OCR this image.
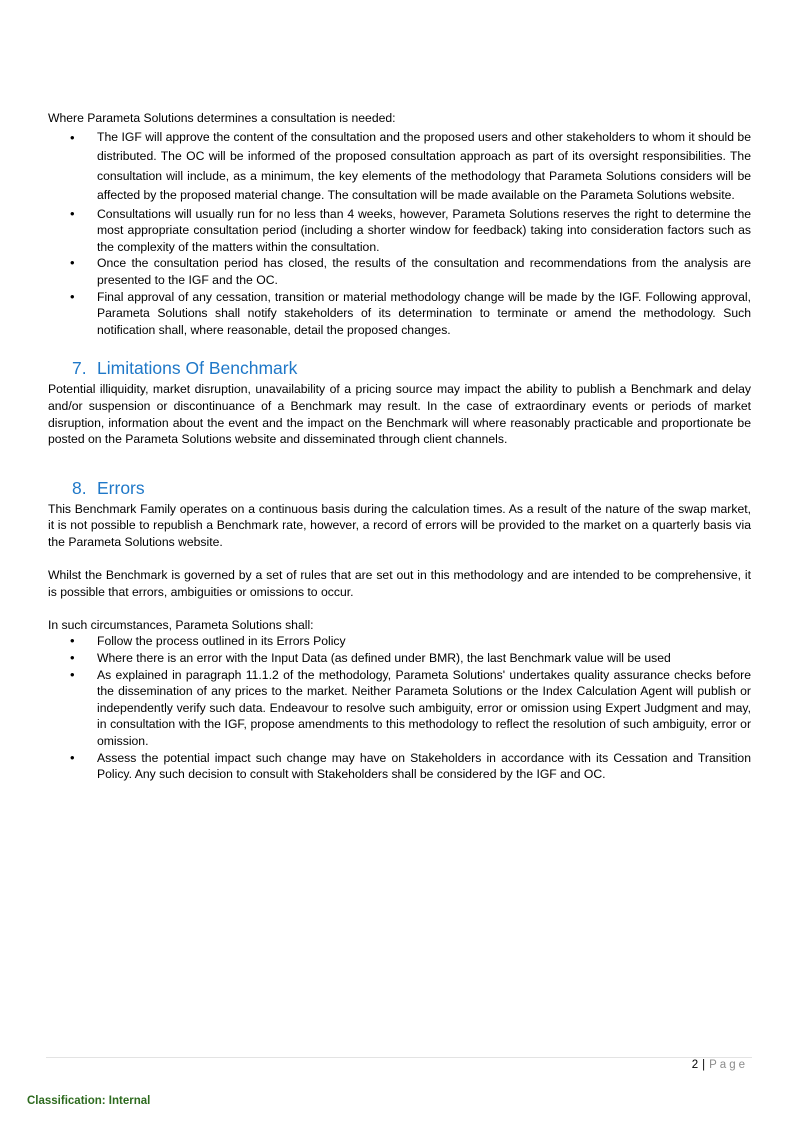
Where Parameta Solutions determines a consultation is needed:

• The IGF will approve the content of the consultation and the proposed users and other stakeholders to whom it should be distributed. The OC will be informed of the proposed consultation approach as part of its oversight responsibilities. The consultation will include, as a minimum, the key elements of the methodology that Parameta Solutions considers will be affected by the proposed material change. The consultation will be made available on the Parameta Solutions website.
• Consultations will usually run for no less than 4 weeks, however, Parameta Solutions reserves the right to determine the most appropriate consultation period (including a shorter window for feedback) taking into consideration factors such as the complexity of the matters within the consultation.
• Once the consultation period has closed, the results of the consultation and recommendations from the analysis are presented to the IGF and the OC.
• Final approval of any cessation, transition or material methodology change will be made by the IGF. Following approval, Parameta Solutions shall notify stakeholders of its determination to terminate or amend the methodology. Such notification shall, where reasonable, detail the proposed changes.
7. Limitations Of Benchmark

Potential illiquidity, market disruption, unavailability of a pricing source may impact the ability to publish a Benchmark and delay and/or suspension or discontinuance of a Benchmark may result. In the case of extraordinary events or periods of market disruption, information about the event and the impact on the Benchmark will where reasonably practicable and proportionate be posted on the Parameta Solutions website and disseminated through client channels.

8. Errors

This Benchmark Family operates on a continuous basis during the calculation times. As a result of the nature of the swap market, it is not possible to republish a Benchmark rate, however, a record of errors will be provided to the market on a quarterly basis via the Parameta Solutions website.

Whilst the Benchmark is governed by a set of rules that are set out in this methodology and are intended to be comprehensive, it is possible that errors, ambiguities or omissions to occur.

In such circumstances, Parameta Solutions shall:

• Follow the process outlined in its Errors Policy
• Where there is an error with the Input Data (as defined under BMR), the last Benchmark value will be used
• As explained in paragraph 11.1.2 of the methodology, Parameta Solutions' undertakes quality assurance checks before the dissemination of any prices to the market. Neither Parameta Solutions or the Index Calculation Agent will publish or independently verify such data. Endeavour to resolve such ambiguity, error or omission using Expert Judgment and may, in consultation with the IGF, propose amendments to this methodology to reflect the resolution of such ambiguity, error or omission.
• Assess the potential impact such change may have on Stakeholders in accordance with its Cessation and Transition Policy. Any such decision to consult with Stakeholders shall be considered by the IGF and OC.
2 | Page
Classification: Internal
